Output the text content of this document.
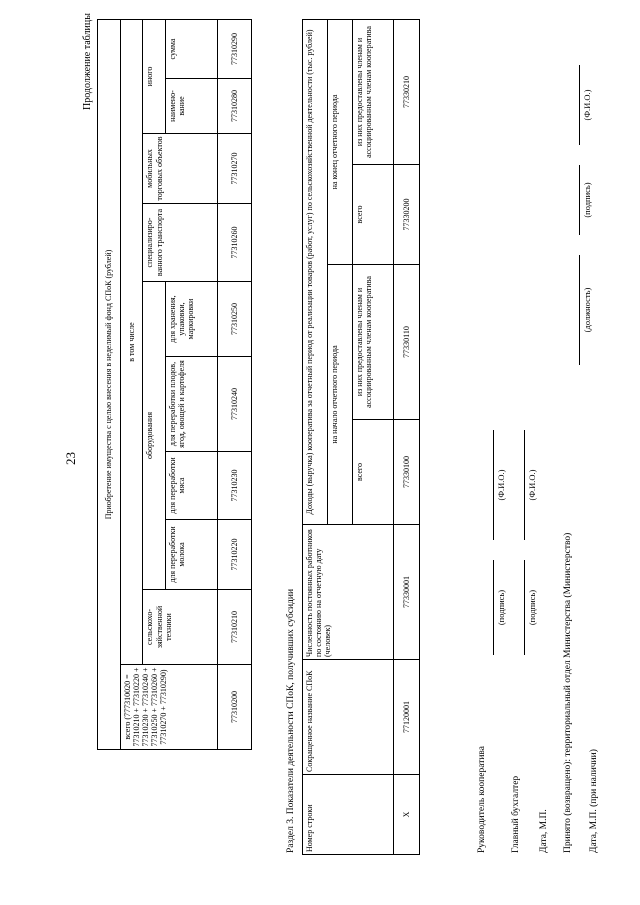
23
Продолжение таблицы
Приобретение имущества с целью внесения в неделимый фонд СПоК (рублей)									
всего (777310020 = 77310210 + 77310220 + 77310230 + 77310240 + 77310250 + 77310260 + 77310270 + 77310290)	в том числе								
	сельскохо-зяйственной техники	оборудования				специализиро-ванного транспорта	мобильных торговых объектов	иного	
		для переработки молока	для переработки мяса	для переработки плодов, ягод, овощей и картофеля	для хранения, упаковки, маркировки			наимено-вание	сумма
77310200	77310210	77310220	77310230	77310240	77310250	77310260	77310270	77310280	77310290
Раздел 3. Показатели деятельности СПоК, получивших субсидии Номер строки	Сокращенное название СПоК	Численность постоянных работников по состоянию на отчетную дату (человек)	Доходы (выручка) кооператива за отчетный период от реализации товаров (работ, услуг) по сельскохозяйственной деятельности (тыс. рублей)			
			на начало отчетного периода		на конец отчетного периода	
			всего	из них предоставлены членам и ассоциированным членам кооператива	всего	из них предоставлены членам и ассоциированным членам кооператива
Х	77120001	77330001	77330100	77330110	77330200	77330210
Руководитель кооператива
(подпись)
(Ф.И.О.)
Главный бухгалтер
(подпись)
(Ф.И.О.)
Дата, М.П. Принято (возвращено): территориальный отдел Министерства (Министерство)
(должность)
(подпись)
(Ф.И.О.)
Дата, М.П. (при наличии)
